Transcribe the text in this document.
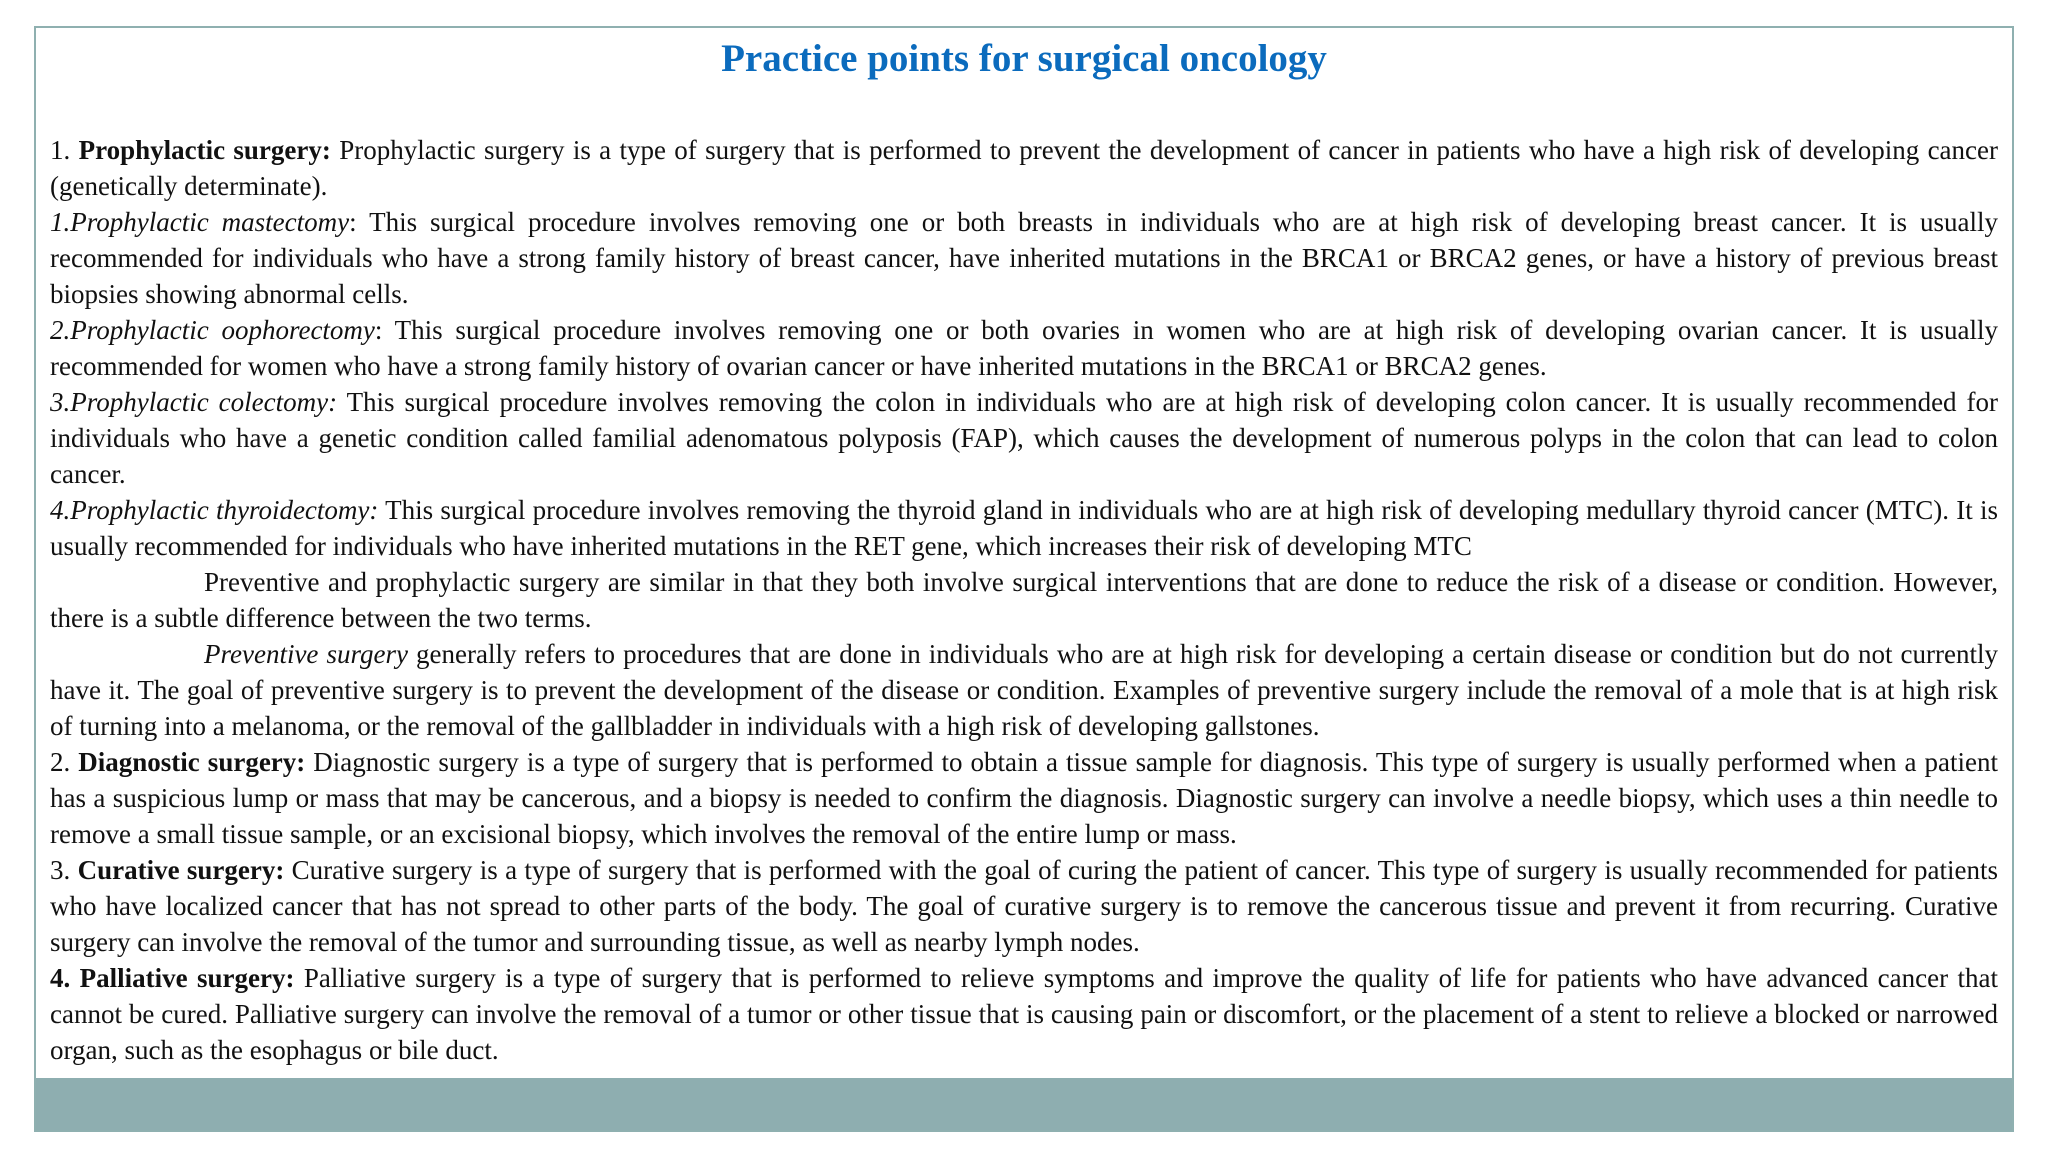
Practice points for surgical oncology

1. Prophylactic surgery: Prophylactic surgery is a type of surgery that is performed to prevent the development of cancer in patients who have a high risk of developing cancer (genetically determinate).

1.Prophylactic mastectomy: This surgical procedure involves removing one or both breasts in individuals who are at high risk of developing breast cancer. It is usually recommended for individuals who have a strong family history of breast cancer, have inherited mutations in the BRCA1 or BRCA2 genes, or have a history of previous breast biopsies showing abnormal cells.

2.Prophylactic oophorectomy: This surgical procedure involves removing one or both ovaries in women who are at high risk of developing ovarian cancer. It is usually recommended for women who have a strong family history of ovarian cancer or have inherited mutations in the BRCA1 or BRCA2 genes.

3.Prophylactic colectomy: This surgical procedure involves removing the colon in individuals who are at high risk of developing colon cancer. It is usually recommended for individuals who have a genetic condition called familial adenomatous polyposis (FAP), which causes the development of numerous polyps in the colon that can lead to colon cancer.

4.Prophylactic thyroidectomy: This surgical procedure involves removing the thyroid gland in individuals who are at high risk of developing medullary thyroid cancer (MTC). It is usually recommended for individuals who have inherited mutations in the RET gene, which increases their risk of developing MTC

Preventive and prophylactic surgery are similar in that they both involve surgical interventions that are done to reduce the risk of a disease or condition. However, there is a subtle difference between the two terms.

Preventive surgery generally refers to procedures that are done in individuals who are at high risk for developing a certain disease or condition but do not currently have it. The goal of preventive surgery is to prevent the development of the disease or condition. Examples of preventive surgery include the removal of a mole that is at high risk of turning into a melanoma, or the removal of the gallbladder in individuals with a high risk of developing gallstones.

2. Diagnostic surgery: Diagnostic surgery is a type of surgery that is performed to obtain a tissue sample for diagnosis. This type of surgery is usually performed when a patient has a suspicious lump or mass that may be cancerous, and a biopsy is needed to confirm the diagnosis. Diagnostic surgery can involve a needle biopsy, which uses a thin needle to remove a small tissue sample, or an excisional biopsy, which involves the removal of the entire lump or mass.

3. Curative surgery: Curative surgery is a type of surgery that is performed with the goal of curing the patient of cancer. This type of surgery is usually recommended for patients who have localized cancer that has not spread to other parts of the body. The goal of curative surgery is to remove the cancerous tissue and prevent it from recurring. Curative surgery can involve the removal of the tumor and surrounding tissue, as well as nearby lymph nodes.

4. Palliative surgery: Palliative surgery is a type of surgery that is performed to relieve symptoms and improve the quality of life for patients who have advanced cancer that cannot be cured. Palliative surgery can involve the removal of a tumor or other tissue that is causing pain or discomfort, or the placement of a stent to relieve a blocked or narrowed organ, such as the esophagus or bile duct.
